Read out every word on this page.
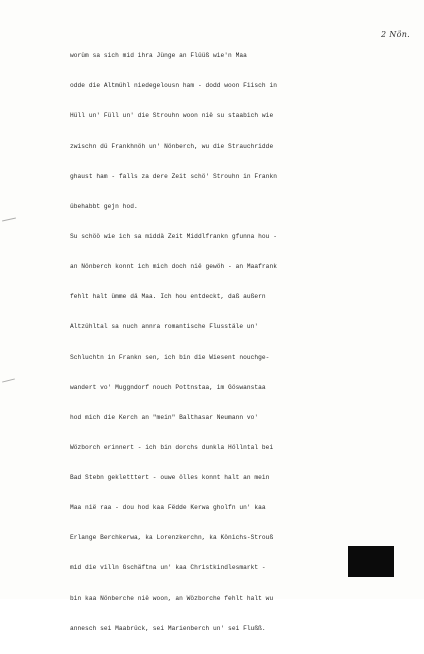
2 Nön.

worüm sa sich mid ihra Jünge an Flüüß wie'n Maa

odde die Altmühl niedegelousn ham - dodd woon Fiisch in

Hüll un' Füll un' die Strouhn woon nië su staabich wie

zwischn dü Frankhnöh un' Nönberch, wu die Strauchridde

ghaust ham - falls za dere Zeit schö' Strouhn in Frankn

übehabbt gejn hod.

Su schöö wie ich sa middä Zeit Middlfrankn gfunna hou -

an Nönberch konnt ich mich doch nië gewöh - an Maafrank

fehlt halt ümme dä Maa. Ich hou entdeckt, daß außern

Altzühltal sa nuch annra romantische Flusstäle un'

Schluchtn in Frankn sen, ich bin die Wiesent nouchge-

wandert vo' Muggndorf nouch Pottnstaa, im Göswanstaa

hod mich die Kerch an "mein" Balthasar Neumann vo'

Wözborch erinnert - ich bin dorchs dunkla Höllntal bei

Bad Stebn gekletttert - ouwe ölles konnt halt an mein

Maa nië raa - dou hod kaa Fëdde Kerwa gholfn un' kaa

Erlange Berchkerwa, ka Lorenzkerchn, ka Könichs-Strouß

mid die villn Gschäftna un' kaa Christkindlesmarkt -

bin kaa Nönberche nië woon, an Wözborche fehlt halt wu

annesch sei Maabrück, sei Marienberch un' sei Flußß.
